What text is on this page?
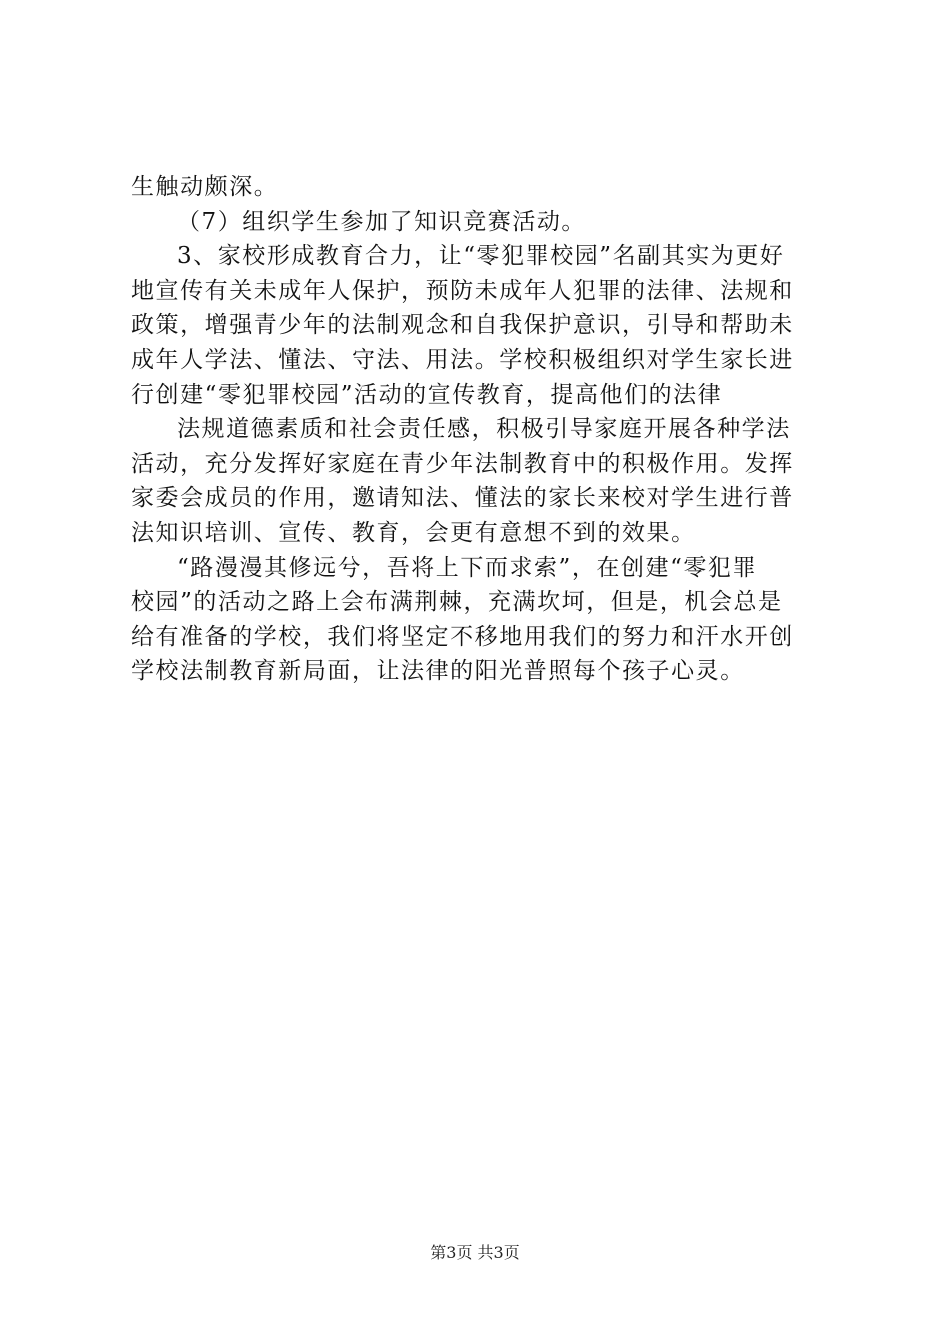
生触动颇深。
（7）组织学生参加了知识竞赛活动。
3、家校形成教育合力，让“零犯罪校园”名副其实为更好
地宣传有关未成年人保护，预防未成年人犯罪的法律、法规和
政策，增强青少年的法制观念和自我保护意识，引导和帮助未
成年人学法、懂法、守法、用法。学校积极组织对学生家长进
行创建“零犯罪校园”活动的宣传教育，提高他们的法律
法规道德素质和社会责任感，积极引导家庭开展各种学法
活动，充分发挥好家庭在青少年法制教育中的积极作用。发挥
家委会成员的作用，邀请知法、懂法的家长来校对学生进行普
法知识培训、宣传、教育，会更有意想不到的效果。
“路漫漫其修远兮，吾将上下而求索”，在创建“零犯罪
校园”的活动之路上会布满荆棘，充满坎坷，但是，机会总是
给有准备的学校，我们将坚定不移地用我们的努力和汗水开创
学校法制教育新局面，让法律的阳光普照每个孩子心灵。
第3页 共3页
